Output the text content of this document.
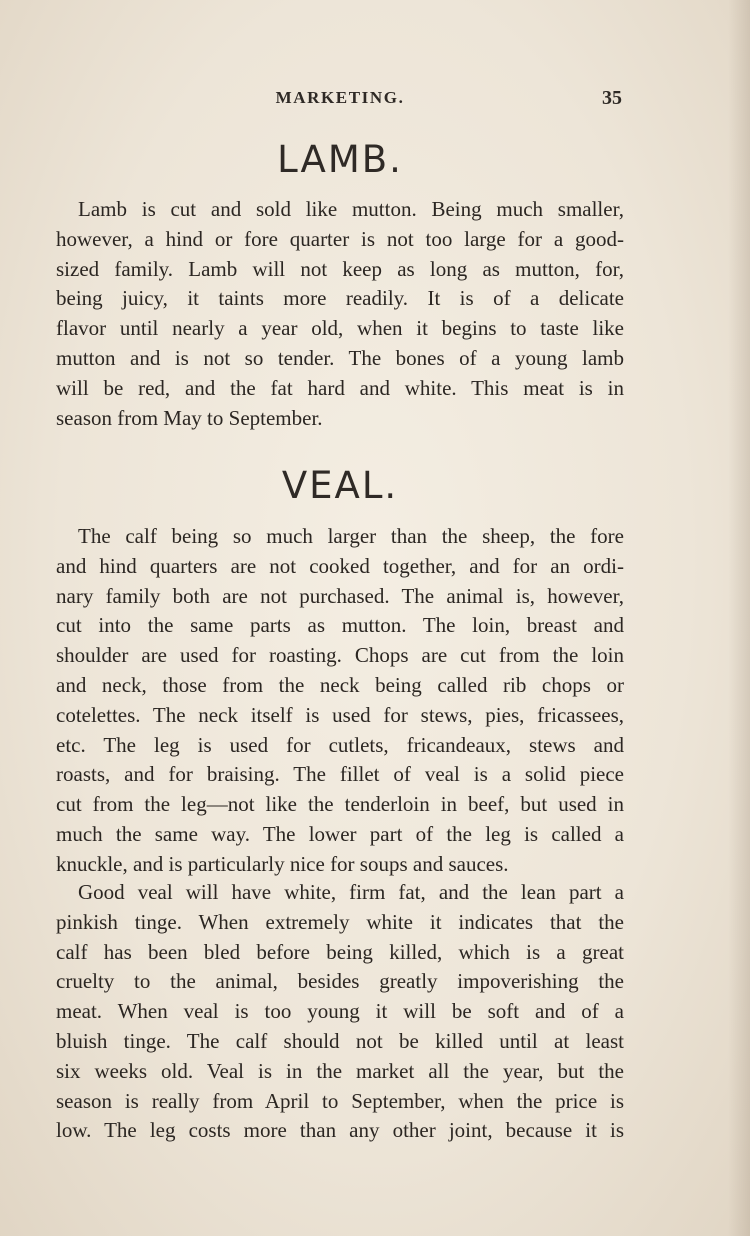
MARKETING.	35
LAMB.
Lamb is cut and sold like mutton. Being much smaller,
however, a hind or fore quarter is not too large for a good-
sized family. Lamb will not keep as long as mutton, for,
being juicy, it taints more readily. It is of a delicate
flavor until nearly a year old, when it begins to taste like
mutton and is not so tender. The bones of a young lamb
will be red, and the fat hard and white. This meat is in
season from May to September.
VEAL.
The calf being so much larger than the sheep, the fore
and hind quarters are not cooked together, and for an ordi-
nary family both are not purchased. The animal is, however,
cut into the same parts as mutton. The loin, breast and
shoulder are used for roasting. Chops are cut from the loin
and neck, those from the neck being called rib chops or
cotelettes. The neck itself is used for stews, pies, fricassees,
etc. The leg is used for cutlets, fricandeaux, stews and
roasts, and for braising. The fillet of veal is a solid piece
cut from the leg—not like the tenderloin in beef, but used in
much the same way. The lower part of the leg is called a
knuckle, and is particularly nice for soups and sauces.
Good veal will have white, firm fat, and the lean part a
pinkish tinge. When extremely white it indicates that the
calf has been bled before being killed, which is a great
cruelty to the animal, besides greatly impoverishing the
meat. When veal is too young it will be soft and of a
bluish tinge. The calf should not be killed until at least
six weeks old. Veal is in the market all the year, but the
season is really from April to September, when the price is
low. The leg costs more than any other joint, because it is
